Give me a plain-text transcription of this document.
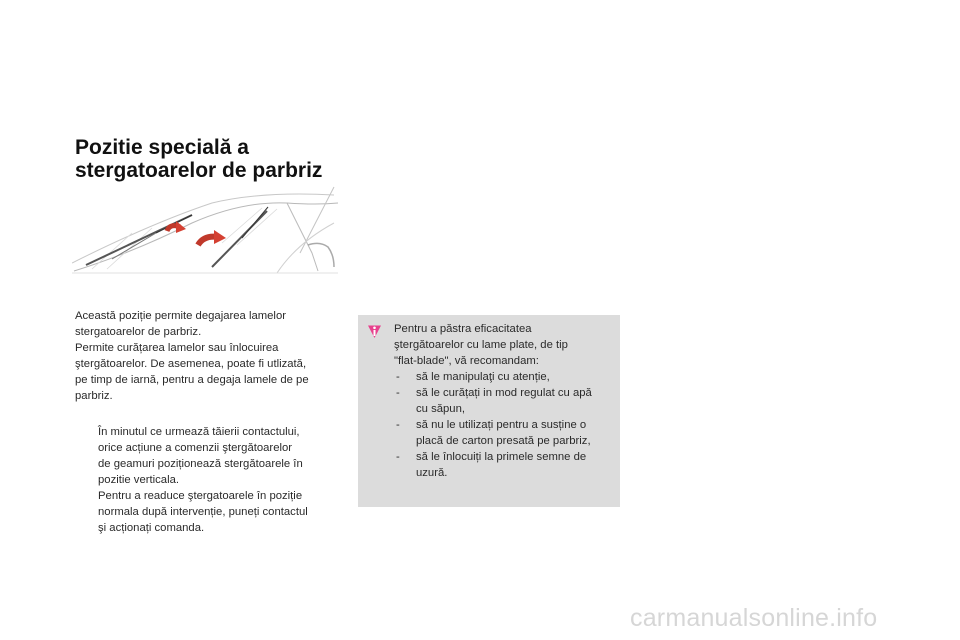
Pozitie specială a
stergatoarelor de parbriz
Această poziție permite degajarea lamelor
stergatoarelor de parbriz.
Permite curățarea lamelor sau înlocuirea
ştergătoarelor. De asemenea, poate fi utlizată,
pe timp de iarnă, pentru a degaja lamele de pe
parbriz.
În minutul ce urmează tăierii contactului,
orice acțiune a comenzii ştergătoarelor
de geamuri poziționează stergătoarele în
pozitie verticala.
Pentru a readuce ştergatoarele în poziție
normala după intervenție, puneți contactul
şi acționați comanda.
Pentru a păstra eficacitatea
ştergătoarelor cu lame plate, de tip
"flat-blade", vă recomandam:
- să le manipulaţi cu atenție,
- să le curățați in mod regulat cu apă
cu săpun,
- să nu le utilizați pentru a susține o
placă de carton presată pe parbriz,
- să le înlocuiți la primele semne de
uzură.
carmanualsonline.info
